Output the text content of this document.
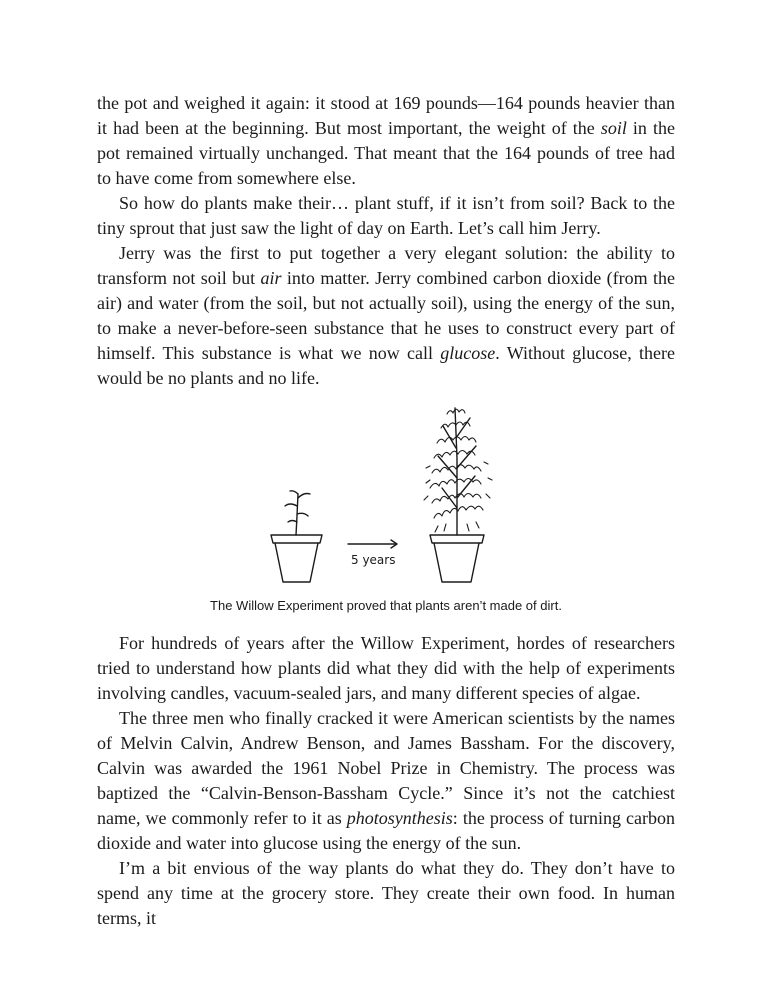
the pot and weighed it again: it stood at 169 pounds—164 pounds heavier than it had been at the beginning. But most important, the weight of the soil in the pot remained virtually unchanged. That meant that the 164 pounds of tree had to have come from somewhere else.

So how do plants make their… plant stuff, if it isn’t from soil? Back to the tiny sprout that just saw the light of day on Earth. Let’s call him Jerry.

Jerry was the first to put together a very elegant solution: the ability to transform not soil but air into matter. Jerry combined carbon dioxide (from the air) and water (from the soil, but not actually soil), using the energy of the sun, to make a never-before-seen substance that he uses to construct every part of himself. This substance is what we now call glucose. Without glucose, there would be no plants and no life.

5 years
The Willow Experiment proved that plants aren’t made of dirt.

For hundreds of years after the Willow Experiment, hordes of researchers tried to understand how plants did what they did with the help of experiments involving candles, vacuum-sealed jars, and many different species of algae.

The three men who finally cracked it were American scientists by the names of Melvin Calvin, Andrew Benson, and James Bassham. For the discovery, Calvin was awarded the 1961 Nobel Prize in Chemistry. The process was baptized the “Calvin-Benson-Bassham Cycle.” Since it’s not the catchiest name, we commonly refer to it as photosynthesis: the process of turning carbon dioxide and water into glucose using the energy of the sun.

I’m a bit envious of the way plants do what they do. They don’t have to spend any time at the grocery store. They create their own food. In human terms, it
